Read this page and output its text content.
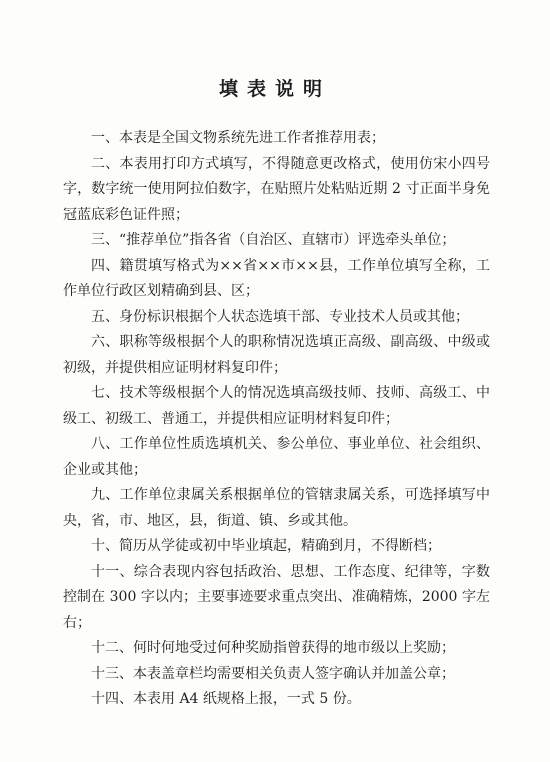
填表说明

一、本表是全国文物系统先进工作者推荐用表；

二、本表用打印方式填写，不得随意更改格式，使用仿宋小四号字，数字统一使用阿拉伯数字，在贴照片处粘贴近期 2 寸正面半身免冠蓝底彩色证件照；

三、“推荐单位”指各省（自治区、直辖市）评选牵头单位；

四、籍贯填写格式为××省××市××县，工作单位填写全称，工作单位行政区划精确到县、区；

五、身份标识根据个人状态选填干部、专业技术人员或其他；

六、职称等级根据个人的职称情况选填正高级、副高级、中级或初级，并提供相应证明材料复印件；

七、技术等级根据个人的情况选填高级技师、技师、高级工、中级工、初级工、普通工，并提供相应证明材料复印件；

八、工作单位性质选填机关、参公单位、事业单位、社会组织、企业或其他；

九、工作单位隶属关系根据单位的管辖隶属关系，可选择填写中央，省，市、地区，县，街道、镇、乡或其他。

十、简历从学徒或初中毕业填起，精确到月，不得断档；

十一、综合表现内容包括政治、思想、工作态度、纪律等，字数控制在 300 字以内；主要事迹要求重点突出、准确精炼，2000 字左右；

十二、何时何地受过何种奖励指曾获得的地市级以上奖励；

十三、本表盖章栏均需要相关负责人签字确认并加盖公章；

十四、本表用 A4 纸规格上报，一式 5 份。
